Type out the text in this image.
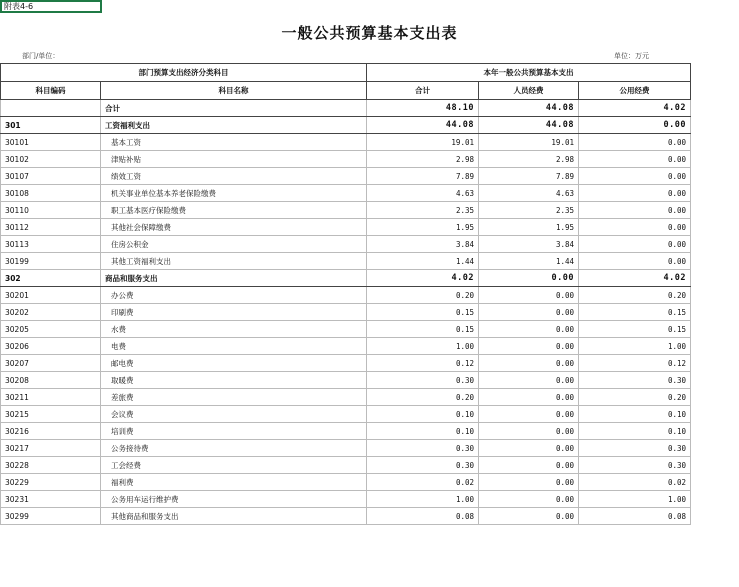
附表4-6
一般公共预算基本支出表
部门/单位：	单位：万元
部门预算支出经济分类科目		本年一般公共预算基本支出		
科目编码	科目名称	合计	人员经费	公用经费
	合计	48.10	44.08	4.02
301	工资福利支出	44.08	44.08	0.00
30101	基本工资	19.01	19.01	0.00
30102	津贴补贴	2.98	2.98	0.00
30107	绩效工资	7.89	7.89	0.00
30108	机关事业单位基本养老保险缴费	4.63	4.63	0.00
30110	职工基本医疗保险缴费	2.35	2.35	0.00
30112	其他社会保障缴费	1.95	1.95	0.00
30113	住房公积金	3.84	3.84	0.00
30199	其他工资福利支出	1.44	1.44	0.00
302	商品和服务支出	4.02	0.00	4.02
30201	办公费	0.20	0.00	0.20
30202	印刷费	0.15	0.00	0.15
30205	水费	0.15	0.00	0.15
30206	电费	1.00	0.00	1.00
30207	邮电费	0.12	0.00	0.12
30208	取暖费	0.30	0.00	0.30
30211	差旅费	0.20	0.00	0.20
30215	会议费	0.10	0.00	0.10
30216	培训费	0.10	0.00	0.10
30217	公务接待费	0.30	0.00	0.30
30228	工会经费	0.30	0.00	0.30
30229	福利费	0.02	0.00	0.02
30231	公务用车运行维护费	1.00	0.00	1.00
30299	其他商品和服务支出	0.08	0.00	0.08
